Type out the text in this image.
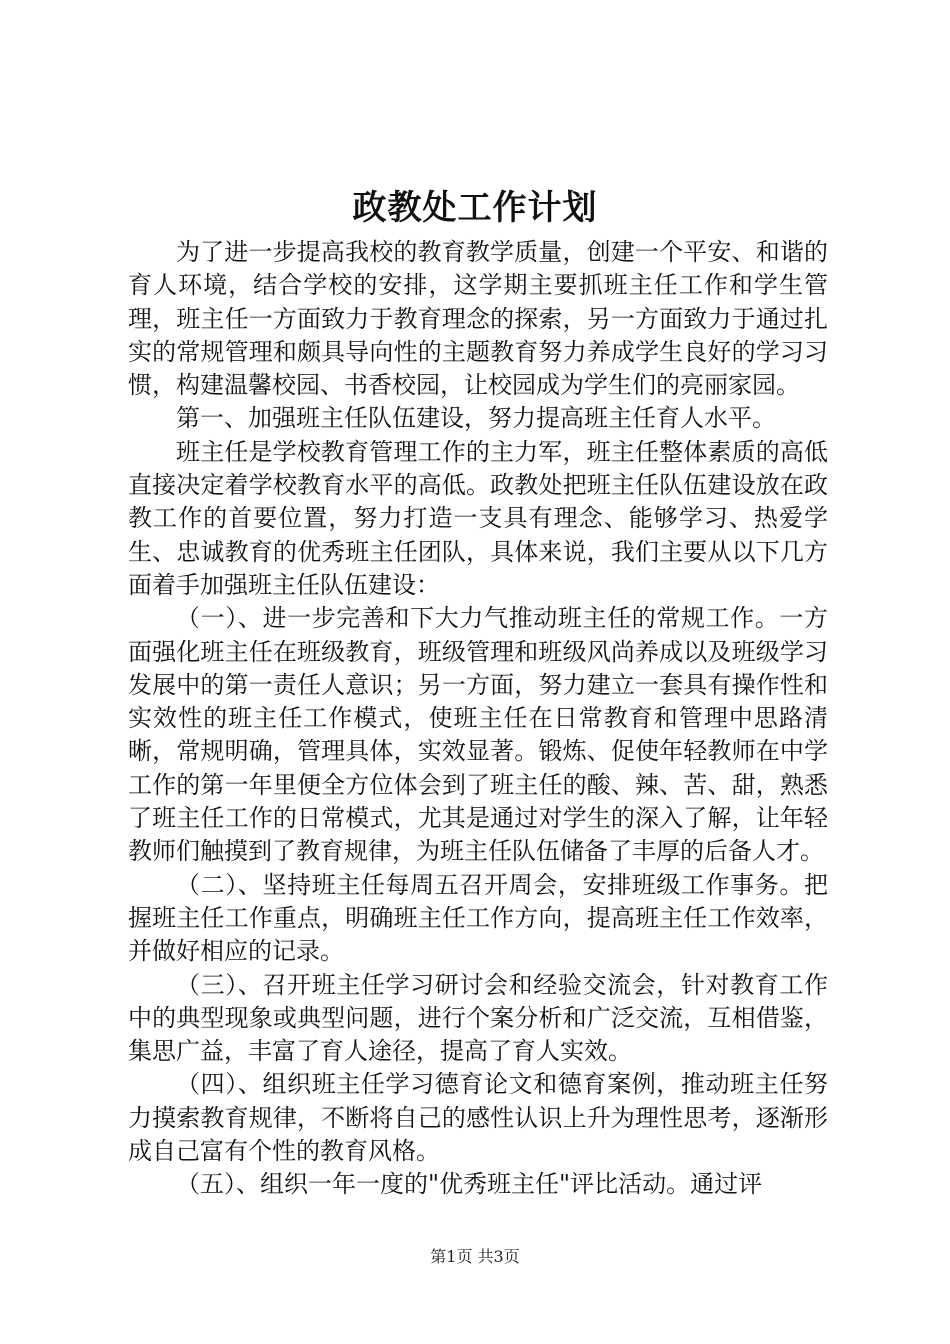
政教处工作计划

为了进一步提高我校的教育教学质量，创建一个平安、和谐的育人环境，结合学校的安排，这学期主要抓班主任工作和学生管理，班主任一方面致力于教育理念的探索，另一方面致力于通过扎实的常规管理和颇具导向性的主题教育努力养成学生良好的学习习惯，构建温馨校园、书香校园，让校园成为学生们的亮丽家园。

第一、加强班主任队伍建设，努力提高班主任育人水平。

班主任是学校教育管理工作的主力军，班主任整体素质的高低直接决定着学校教育水平的高低。政教处把班主任队伍建设放在政教工作的首要位置，努力打造一支具有理念、能够学习、热爱学生、忠诚教育的优秀班主任团队，具体来说，我们主要从以下几方面着手加强班主任队伍建设：

（一）、进一步完善和下大力气推动班主任的常规工作。一方面强化班主任在班级教育，班级管理和班级风尚养成以及班级学习发展中的第一责任人意识；另一方面，努力建立一套具有操作性和实效性的班主任工作模式，使班主任在日常教育和管理中思路清晰，常规明确，管理具体，实效显著。锻炼、促使年轻教师在中学工作的第一年里便全方位体会到了班主任的酸、辣、苦、甜，熟悉了班主任工作的日常模式，尤其是通过对学生的深入了解，让年轻教师们触摸到了教育规律，为班主任队伍储备了丰厚的后备人才。

（二）、坚持班主任每周五召开周会，安排班级工作事务。把握班主任工作重点，明确班主任工作方向，提高班主任工作效率，并做好相应的记录。

（三）、召开班主任学习研讨会和经验交流会，针对教育工作中的典型现象或典型问题，进行个案分析和广泛交流，互相借鉴，集思广益，丰富了育人途径，提高了育人实效。

（四）、组织班主任学习德育论文和德育案例，推动班主任努力摸索教育规律，不断将自己的感性认识上升为理性思考，逐渐形成自己富有个性的教育风格。

（五）、组织一年一度的"优秀班主任"评比活动。通过评

第1页 共3页
